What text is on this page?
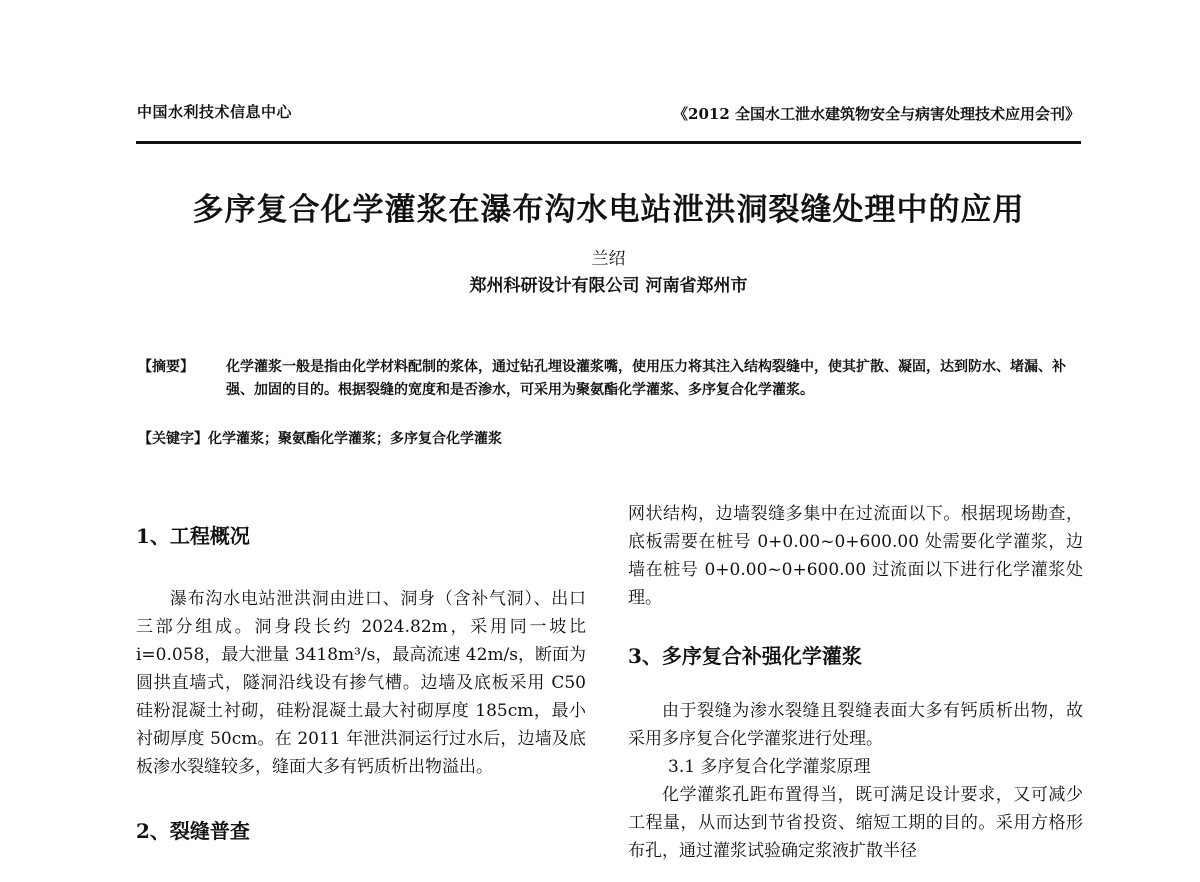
中国水利技术信息中心	《2012 全国水工泄水建筑物安全与病害处理技术应用会刊》
多序复合化学灌浆在瀑布沟水电站泄洪洞裂缝处理中的应用
兰绍
郑州科研设计有限公司 河南省郑州市
【摘要】 化学灌浆一般是指由化学材料配制的浆体，通过钻孔埋设灌浆嘴，使用压力将其注入结构裂缝中，使其扩散、凝固，达到防水、堵漏、补强、加固的目的。根据裂缝的宽度和是否渗水，可采用为聚氨酯化学灌浆、多序复合化学灌浆。
【关键字】化学灌浆；聚氨酯化学灌浆；多序复合化学灌浆
1、工程概况

瀑布沟水电站泄洪洞由进口、洞身（含补气洞）、出口三部分组成。洞身段长约 2024.82m，采用同一坡比 i=0.058，最大泄量 3418m³/s，最高流速 42m/s，断面为圆拱直墙式，隧洞沿线设有掺气槽。边墙及底板采用 C50 硅粉混凝土衬砌，硅粉混凝土最大衬砌厚度 185cm，最小衬砌厚度 50cm。在 2011 年泄洪洞运行过水后，边墙及底板渗水裂缝较多，缝面大多有钙质析出物溢出。

2、裂缝普查

网状结构，边墙裂缝多集中在过流面以下。根据现场勘查，底板需要在桩号 0+0.00~0+600.00 处需要化学灌浆，边墙在桩号 0+0.00~0+600.00 过流面以下进行化学灌浆处理。

3、多序复合补强化学灌浆

由于裂缝为渗水裂缝且裂缝表面大多有钙质析出物，故采用多序复合化学灌浆进行处理。

3.1 多序复合化学灌浆原理

化学灌浆孔距布置得当，既可满足设计要求，又可减少工程量，从而达到节省投资、缩短工期的目的。采用方格形布孔，通过灌浆试验确定浆液扩散半径
